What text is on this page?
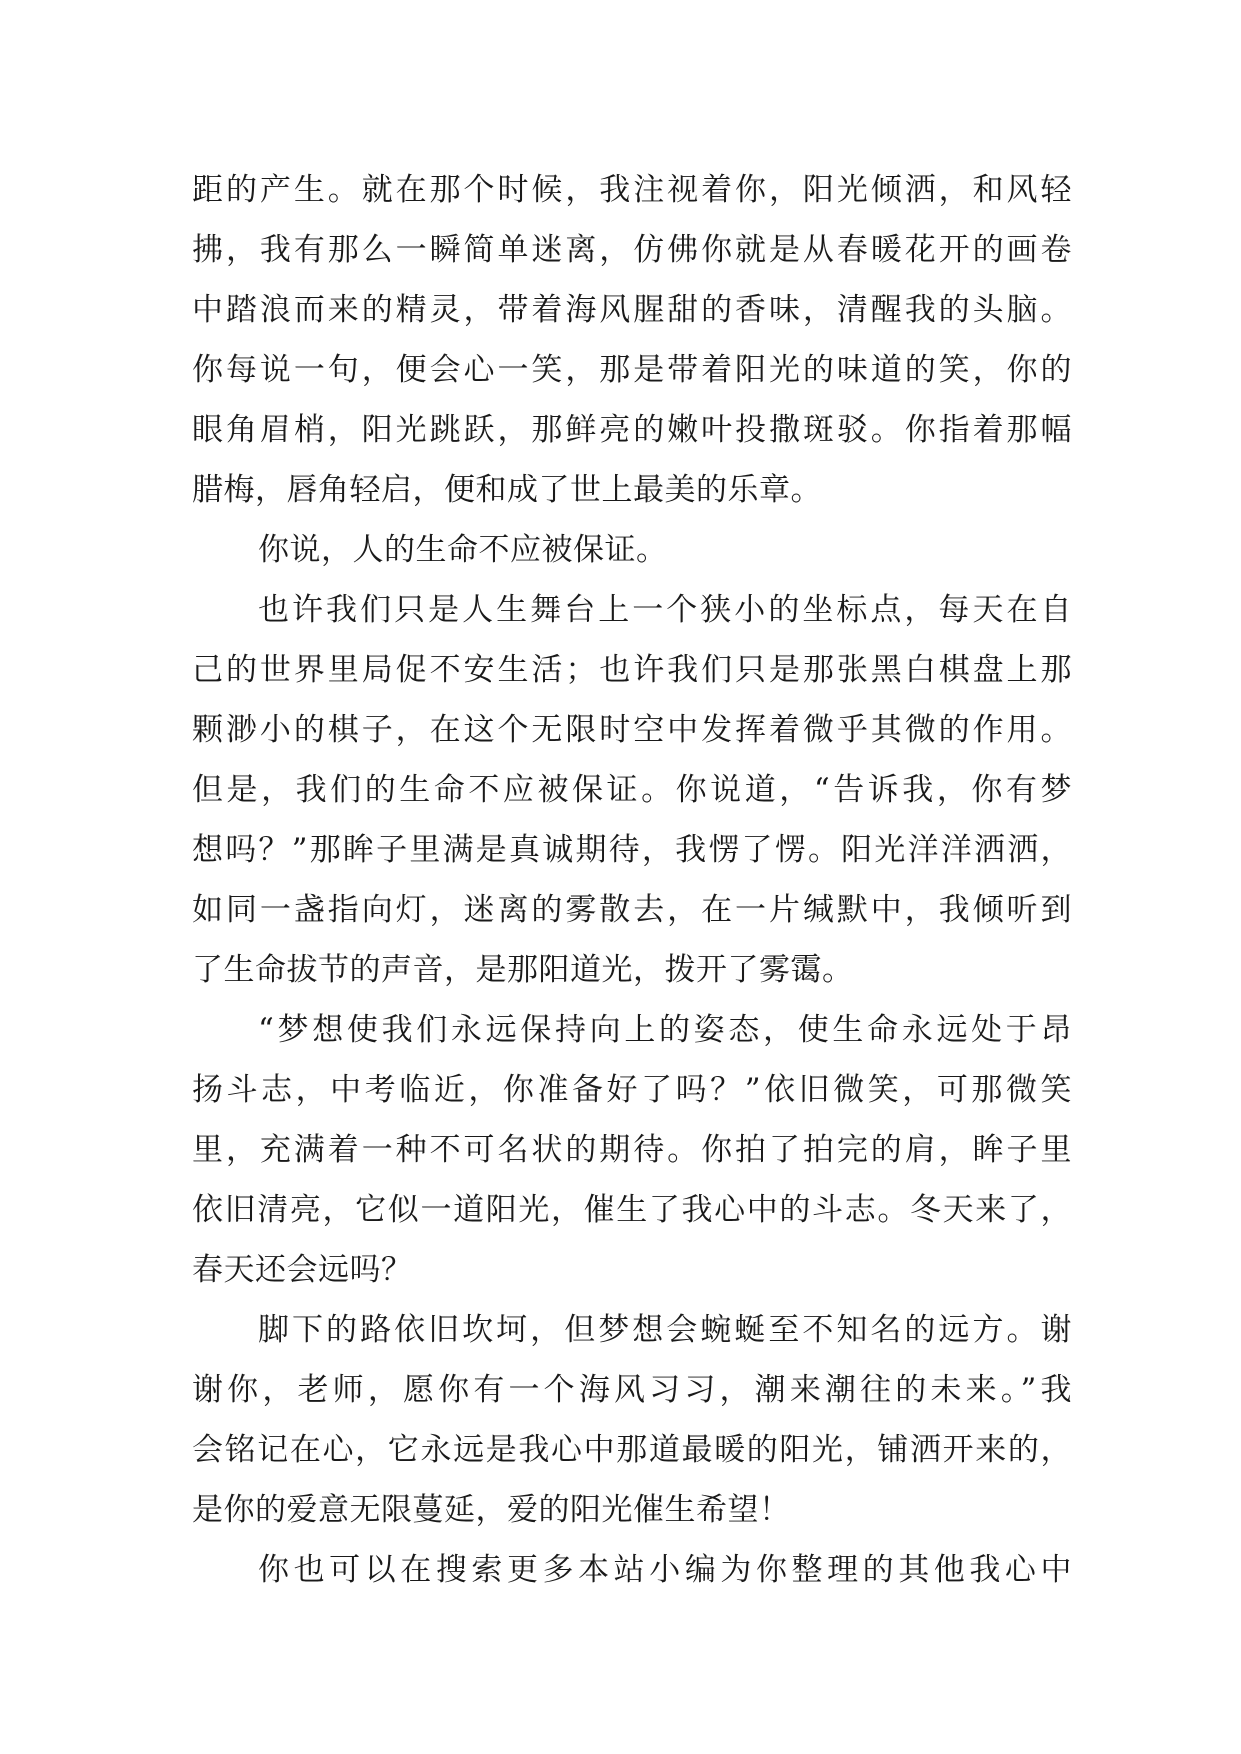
距的产生。就在那个时候，我注视着你，阳光倾洒，和风轻
拂，我有那么一瞬简单迷离，仿佛你就是从春暖花开的画卷
中踏浪而来的精灵，带着海风腥甜的香味，清醒我的头脑。
你每说一句，便会心一笑，那是带着阳光的味道的笑，你的
眼角眉梢，阳光跳跃，那鲜亮的嫩叶投撒斑驳。你指着那幅
腊梅，唇角轻启，便和成了世上最美的乐章。
你说，人的生命不应被保证。
也许我们只是人生舞台上一个狭小的坐标点，每天在自
己的世界里局促不安生活；也许我们只是那张黑白棋盘上那
颗渺小的棋子，在这个无限时空中发挥着微乎其微的作用。
但是，我们的生命不应被保证。你说道，“告诉我，你有梦
想吗？”那眸子里满是真诚期待，我愣了愣。阳光洋洋洒洒，
如同一盏指向灯，迷离的雾散去，在一片缄默中，我倾听到
了生命拔节的声音，是那阳道光，拨开了雾霭。
“梦想使我们永远保持向上的姿态，使生命永远处于昂
扬斗志，中考临近，你准备好了吗？”依旧微笑，可那微笑
里，充满着一种不可名状的期待。你拍了拍完的肩，眸子里
依旧清亮，它似一道阳光，催生了我心中的斗志。冬天来了，
春天还会远吗？
脚下的路依旧坎坷，但梦想会蜿蜒至不知名的远方。谢
谢你，老师，愿你有一个海风习习，潮来潮往的未来。”我
会铭记在心，它永远是我心中那道最暖的阳光，铺洒开来的，
是你的爱意无限蔓延，爱的阳光催生希望！
你也可以在搜索更多本站小编为你整理的其他我心中
